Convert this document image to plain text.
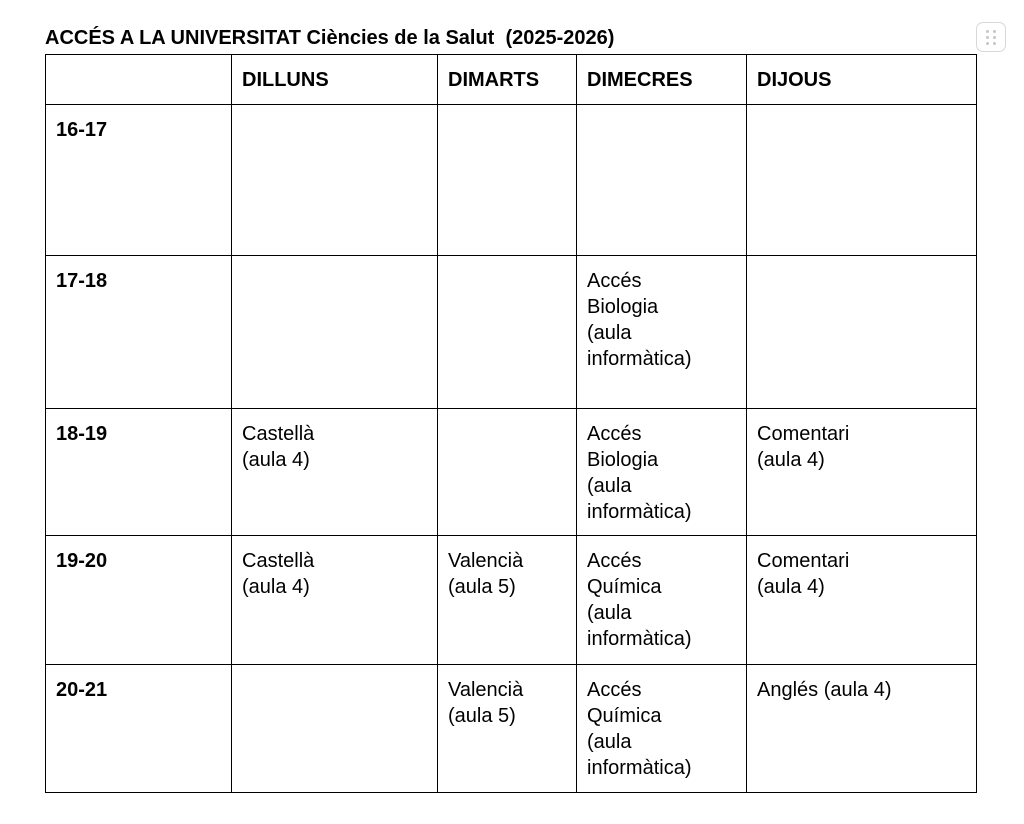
ACCÉS A LA UNIVERSITAT Ciències de la Salut  (2025-2026)
	DILLUNS	DIMARTS	DIMECRES	DIJOUS
16-17				
17-18			Accés
Biologia
(aula
informàtica)	

18-19	Castellà
(aula 4)		Accés
Biologia
(aula
informàtica)	Comentari
(aula 4)

19-20	Castellà
(aula 4)	Valencià
(aula 5)	Accés
Química
(aula
informàtica)	Comentari
(aula 4)

20-21		Valencià
(aula 5)	Accés
Química
(aula
informàtica)	Anglés (aula 4)
